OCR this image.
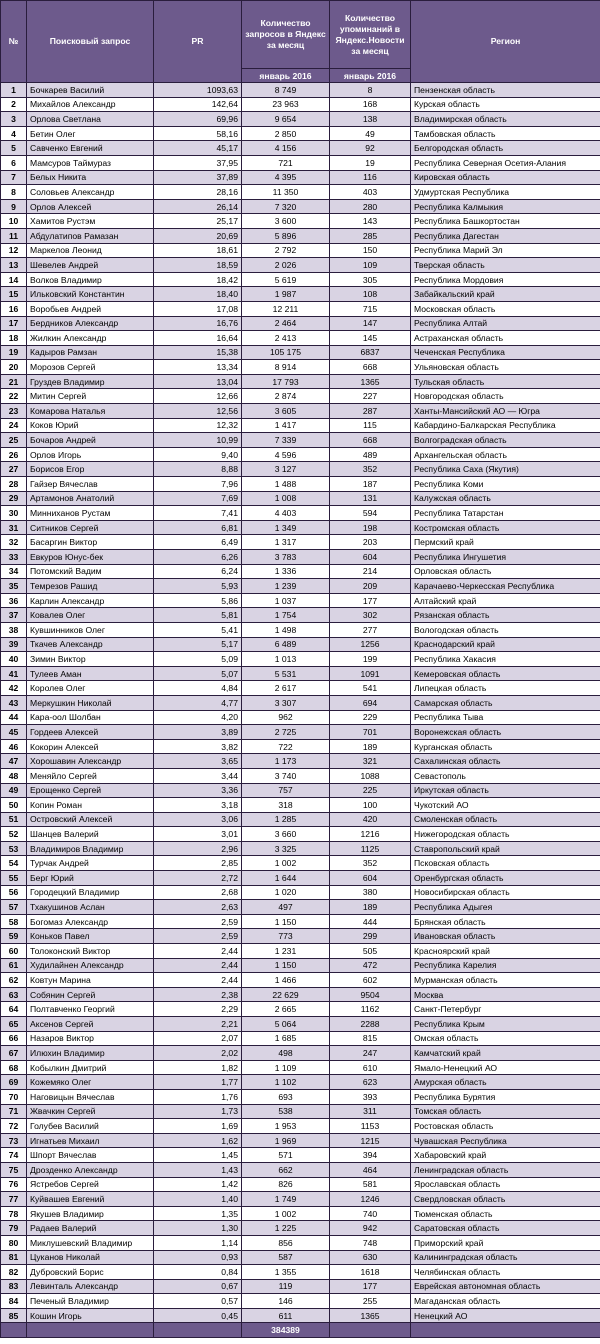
№	Поисковый запрос	PR	Количество запросов в Яндекс за месяц	Количество упоминаний в Яндекс.Новости за месяц	Регион
			январь 2016	январь 2016	
1	Бочкарев Василий	1093,63	8 749	8	Пензенская область
2	Михайлов Александр	142,64	23 963	168	Курская область
3	Орлова Светлана	69,96	9 654	138	Владимирская область
4	Бетин Олег	58,16	2 850	49	Тамбовская область
5	Савченко Евгений	45,17	4 156	92	Белгородская область
6	Мамсуров Таймураз	37,95	721	19	Республика Северная Осетия-Алания
7	Белых Никита	37,89	4 395	116	Кировская область
8	Соловьев Александр	28,16	11 350	403	Удмуртская Республика
9	Орлов Алексей	26,14	7 320	280	Республика Калмыкия
10	Хамитов Рустэм	25,17	3 600	143	Республика Башкортостан
11	Абдулатипов Рамазан	20,69	5 896	285	Республика Дагестан
12	Маркелов Леонид	18,61	2 792	150	Республика Марий Эл
13	Шевелев Андрей	18,59	2 026	109	Тверская область
14	Волков Владимир	18,42	5 619	305	Республика Мордовия
15	Ильковский Константин	18,40	1 987	108	Забайкальский край
16	Воробьев Андрей	17,08	12 211	715	Московская область
17	Бердников Александр	16,76	2 464	147	Республика Алтай
18	Жилкин Александр	16,64	2 413	145	Астраханская область
19	Кадыров Рамзан	15,38	105 175	6837	Чеченская Республика
20	Морозов Сергей	13,34	8 914	668	Ульяновская область
21	Груздев Владимир	13,04	17 793	1365	Тульская область
22	Митин Сергей	12,66	2 874	227	Новгородская область
23	Комарова Наталья	12,56	3 605	287	Ханты-Мансийский АО — Югра
24	Коков Юрий	12,32	1 417	115	Кабардино-Балкарская Республика
25	Бочаров Андрей	10,99	7 339	668	Волгоградская область
26	Орлов Игорь	9,40	4 596	489	Архангельская область
27	Борисов Егор	8,88	3 127	352	Республика Саха (Якутия)
28	Гайзер Вячеслав	7,96	1 488	187	Республика Коми
29	Артамонов Анатолий	7,69	1 008	131	Калужская область
30	Минниханов Рустам	7,41	4 403	594	Республика Татарстан
31	Ситников Сергей	6,81	1 349	198	Костромская область
32	Басаргин Виктор	6,49	1 317	203	Пермский край
33	Евкуров Юнус-бек	6,26	3 783	604	Республика Ингушетия
34	Потомский Вадим	6,24	1 336	214	Орловская область
35	Темрезов Рашид	5,93	1 239	209	Карачаево-Черкесская Республика
36	Карлин Александр	5,86	1 037	177	Алтайский край
37	Ковалев Олег	5,81	1 754	302	Рязанская область
38	Кувшинников Олег	5,41	1 498	277	Вологодская область
39	Ткачев Александр	5,17	6 489	1256	Краснодарский край
40	Зимин Виктор	5,09	1 013	199	Республика Хакасия
41	Тулеев Аман	5,07	5 531	1091	Кемеровская область
42	Королев Олег	4,84	2 617	541	Липецкая область
43	Меркушкин Николай	4,77	3 307	694	Самарская область
44	Кара-оол Шолбан	4,20	962	229	Республика Тыва
45	Гордеев Алексей	3,89	2 725	701	Воронежская область
46	Кокорин Алексей	3,82	722	189	Курганская область
47	Хорошавин Александр	3,65	1 173	321	Сахалинская область
48	Меняйло Сергей	3,44	3 740	1088	Севастополь
49	Ерощенко Сергей	3,36	757	225	Иркутская область
50	Копин Роман	3,18	318	100	Чукотский АО
51	Островский Алексей	3,06	1 285	420	Смоленская область
52	Шанцев Валерий	3,01	3 660	1216	Нижегородская область
53	Владимиров Владимир	2,96	3 325	1125	Ставропольский край
54	Турчак Андрей	2,85	1 002	352	Псковская область
55	Берг Юрий	2,72	1 644	604	Оренбургская область
56	Городецкий Владимир	2,68	1 020	380	Новосибирская область
57	Тхакушинов Аслан	2,63	497	189	Республика Адыгея
58	Богомаз Александр	2,59	1 150	444	Брянская область
59	Коньков Павел	2,59	773	299	Ивановская область
60	Толоконский Виктор	2,44	1 231	505	Красноярский край
61	Худилайнен Александр	2,44	1 150	472	Республика Карелия
62	Ковтун Марина	2,44	1 466	602	Мурманская область
63	Собянин Сергей	2,38	22 629	9504	Москва
64	Полтавченко Георгий	2,29	2 665	1162	Санкт-Петербург
65	Аксенов Сергей	2,21	5 064	2288	Республика Крым
66	Назаров Виктор	2,07	1 685	815	Омская область
67	Илюхин Владимир	2,02	498	247	Камчатский край
68	Кобылкин Дмитрий	1,82	1 109	610	Ямало-Ненецкий АО
69	Кожемяко Олег	1,77	1 102	623	Амурская область
70	Наговицын Вячеслав	1,76	693	393	Республика Бурятия
71	Жвачкин Сергей	1,73	538	311	Томская область
72	Голубев Василий	1,69	1 953	1153	Ростовская область
73	Игнатьев Михаил	1,62	1 969	1215	Чувашская Республика
74	Шпорт Вячеслав	1,45	571	394	Хабаровский край
75	Дрозденко Александр	1,43	662	464	Ленинградская область
76	Ястребов Сергей	1,42	826	581	Ярославская область
77	Куйвашев Евгений	1,40	1 749	1246	Свердловская область
78	Якушев Владимир	1,35	1 002	740	Тюменская область
79	Радаев Валерий	1,30	1 225	942	Саратовская область
80	Миклушевский Владимир	1,14	856	748	Приморский край
81	Цуканов Николай	0,93	587	630	Калининградская область
82	Дубровский Борис	0,84	1 355	1618	Челябинская область
83	Левинталь Александр	0,67	119	177	Еврейская автономная область
84	Печеный Владимир	0,57	146	255	Магаданская область
85	Кошин Игорь	0,45	611	1365	Ненецкий АО
			384389		
